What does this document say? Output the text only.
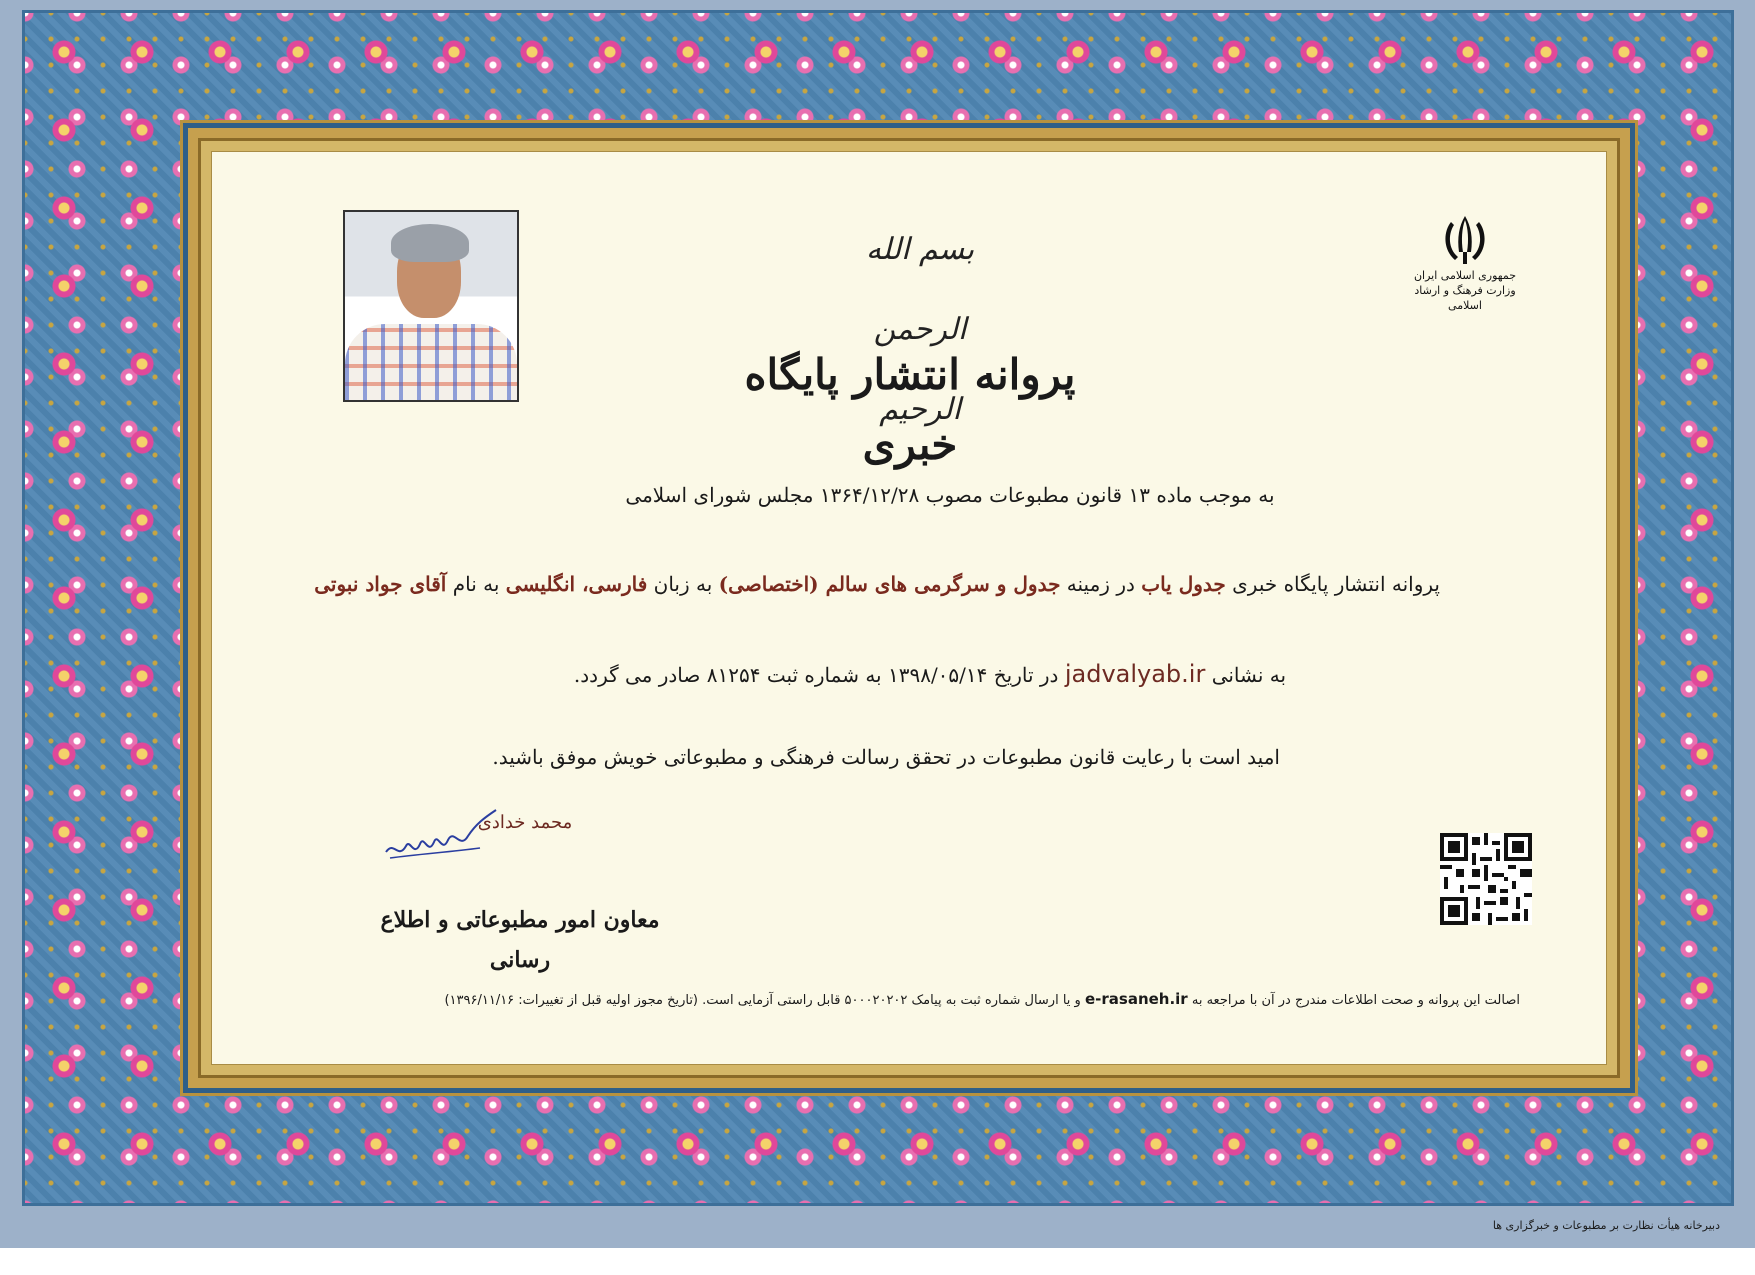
بسم الله الرحمن الرحیم
جمهوری اسلامی ایران
وزارت فرهنگ و ارشاد اسلامی
پروانه انتشار پایگاه خبری
به موجب ماده ۱۳ قانون مطبوعات مصوب ۱۳۶۴/۱۲/۲۸ مجلس شورای اسلامی
پروانه انتشار پایگاه خبری جدول یاب در زمینه جدول و سرگرمی های سالم (اختصاصی) به زبان فارسی، انگلیسی به نام آقای جواد نبوتی
به نشانی jadvalyab.ir در تاریخ ۱۳۹۸/۰۵/۱۴ به شماره ثبت ۸۱۲۵۴ صادر می گردد.
امید است با رعایت قانون مطبوعات در تحقق رسالت فرهنگی و مطبوعاتی خویش موفق باشید.
محمد خدادی
معاون امور مطبوعاتی و اطلاع رسانی
اصالت این پروانه و صحت اطلاعات مندرج در آن با مراجعه به e-rasaneh.ir و یا ارسال شماره ثبت به پیامک ۵۰۰۰۲۰۲۰۲ قابل راستی آزمایی است. (تاریخ مجوز اولیه قبل از تغییرات: ۱۳۹۶/۱۱/۱۶)
دبیرخانه هیأت نظارت بر مطبوعات و خبرگزاری ها
